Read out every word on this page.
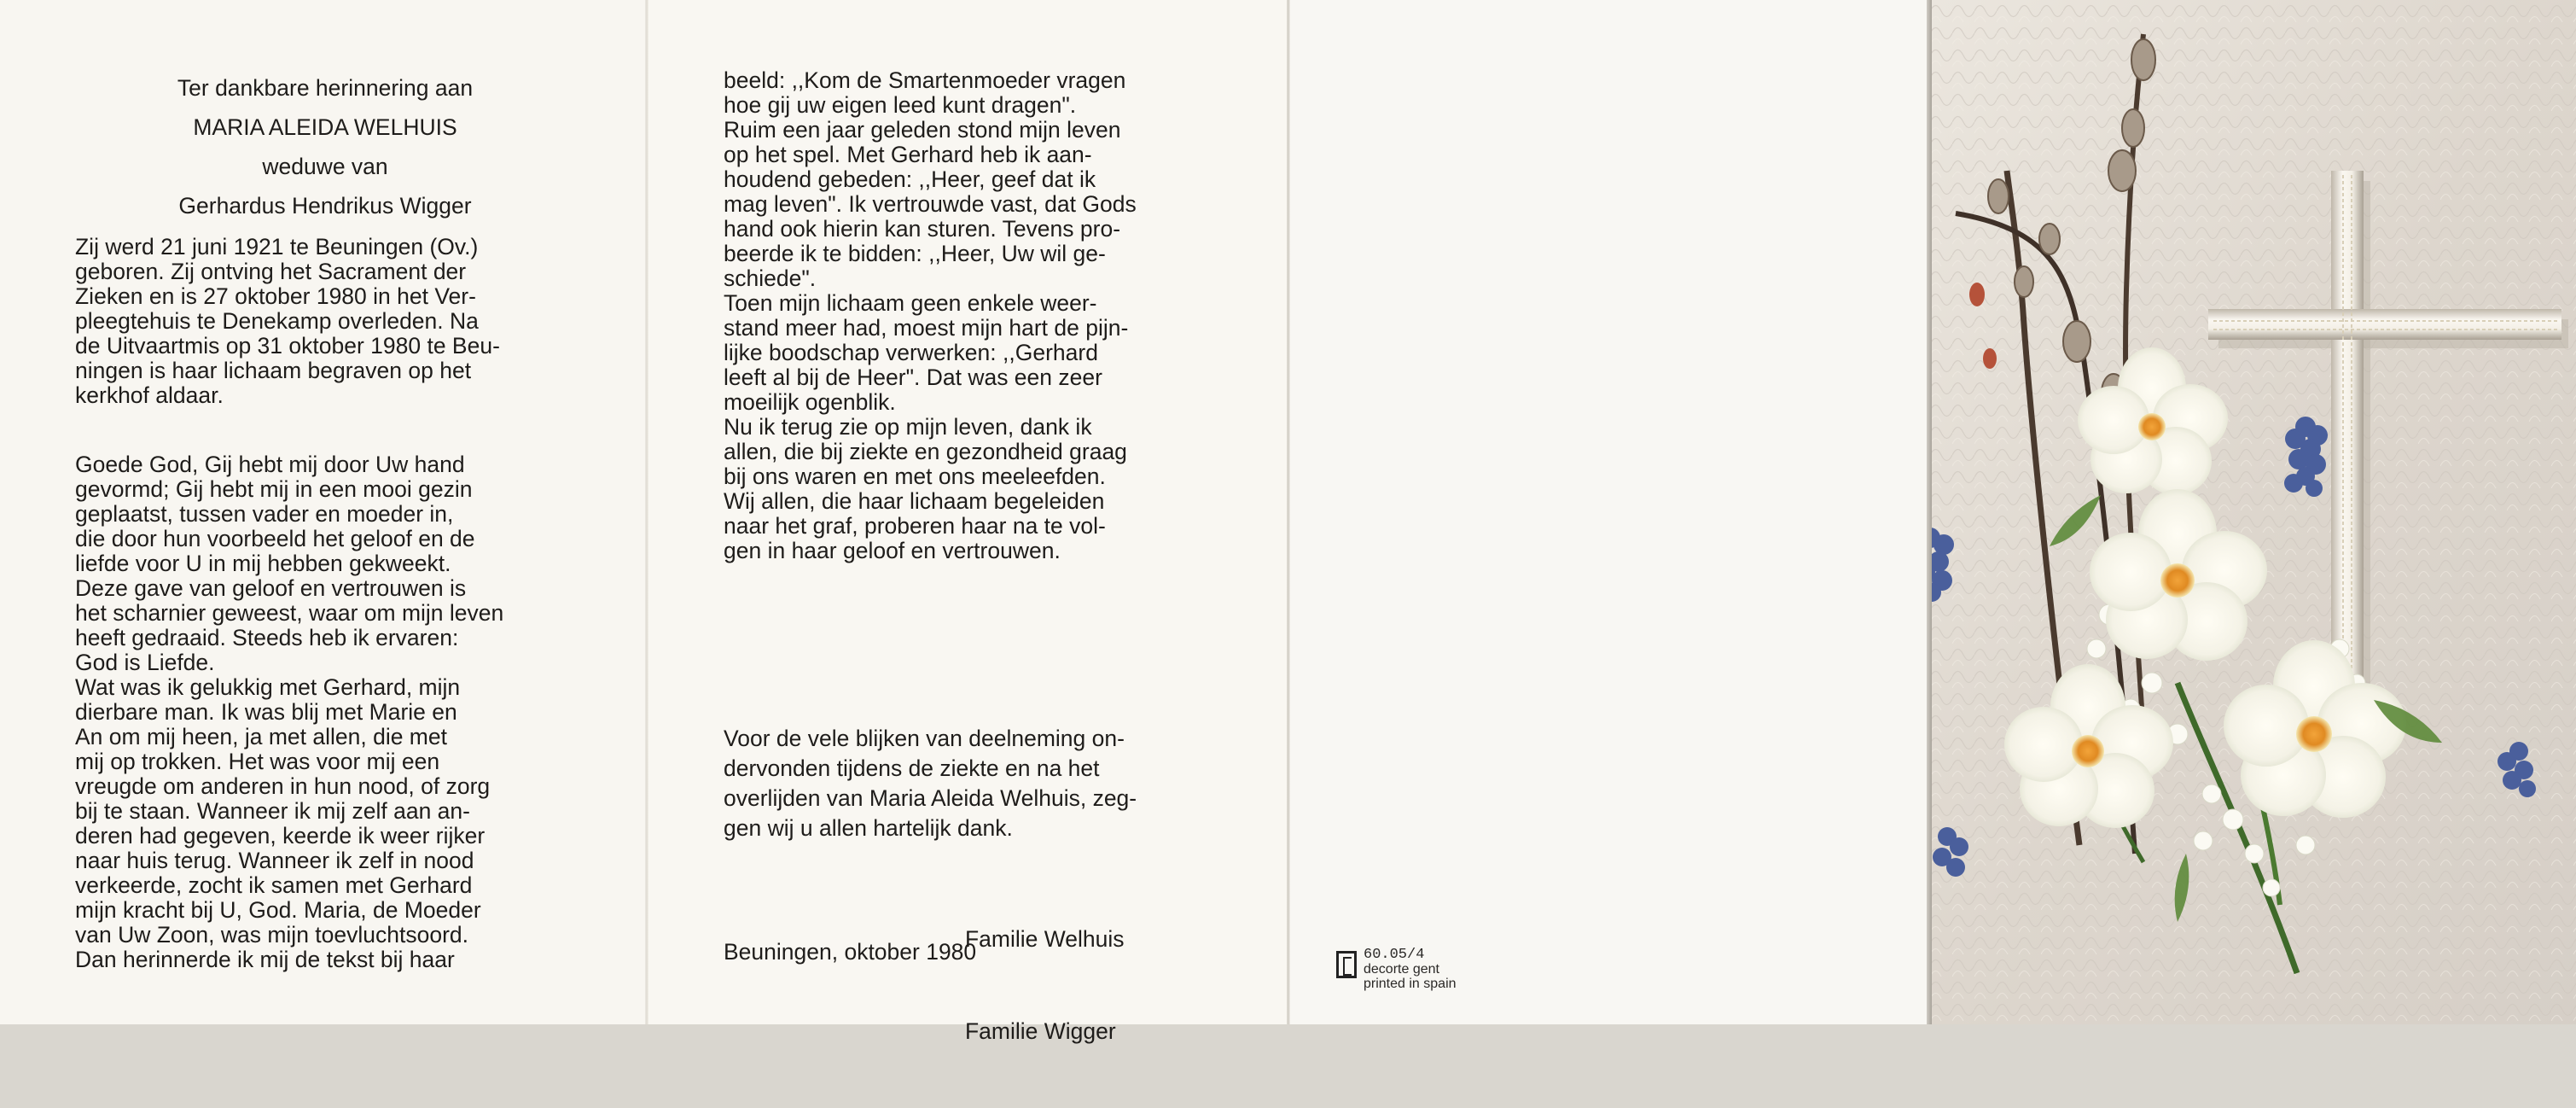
Ter dankbare herinnering aan
MARIA ALEIDA WELHUIS
weduwe van
Gerhardus Hendrikus Wigger

Zij werd 21 juni 1921 te Beuningen (Ov.)
geboren. Zij ontving het Sacrament der
Zieken en is 27 oktober 1980 in het Ver-
pleegtehuis te Denekamp overleden. Na
de Uitvaartmis op 31 oktober 1980 te Beu-
ningen is haar lichaam begraven op het
kerkhof aldaar.

Goede God, Gij hebt mij door Uw hand
gevormd; Gij hebt mij in een mooi gezin
geplaatst, tussen vader en moeder in,
die door hun voorbeeld het geloof en de
liefde voor U in mij hebben gekweekt.
Deze gave van geloof en vertrouwen is
het scharnier geweest, waar om mijn leven
heeft gedraaid. Steeds heb ik ervaren:
God is Liefde.
Wat was ik gelukkig met Gerhard, mijn
dierbare man. Ik was blij met Marie en
An om mij heen, ja met allen, die met
mij op trokken. Het was voor mij een
vreugde om anderen in hun nood, of zorg
bij te staan. Wanneer ik mij zelf aan an-
deren had gegeven, keerde ik weer rijker
naar huis terug. Wanneer ik zelf in nood
verkeerde, zocht ik samen met Gerhard
mijn kracht bij U, God. Maria, de Moeder
van Uw Zoon, was mijn toevluchtsoord.
Dan herinnerde ik mij de tekst bij haar

beeld: ,,Kom de Smartenmoeder vragen
hoe gij uw eigen leed kunt dragen".
Ruim een jaar geleden stond mijn leven
op het spel. Met Gerhard heb ik aan-
houdend gebeden: ,,Heer, geef dat ik
mag leven". Ik vertrouwde vast, dat Gods
hand ook hierin kan sturen. Tevens pro-
beerde ik te bidden: ,,Heer, Uw wil ge-
schiede".
Toen mijn lichaam geen enkele weer-
stand meer had, moest mijn hart de pijn-
lijke boodschap verwerken: ,,Gerhard
leeft al bij de Heer". Dat was een zeer
moeilijk ogenblik.
Nu ik terug zie op mijn leven, dank ik
allen, die bij ziekte en gezondheid graag
bij ons waren en met ons meeleefden.
Wij allen, die haar lichaam begeleiden
naar het graf, proberen haar na te vol-
gen in haar geloof en vertrouwen.

Voor de vele blijken van deelneming on-
dervonden tijdens de ziekte en na het
overlijden van Maria Aleida Welhuis, zeg-
gen wij u allen hartelijk dank.

Familie Welhuis

Familie Wigger

Beuningen, oktober 1980	60.05/4
decorte gent
printed in spain
